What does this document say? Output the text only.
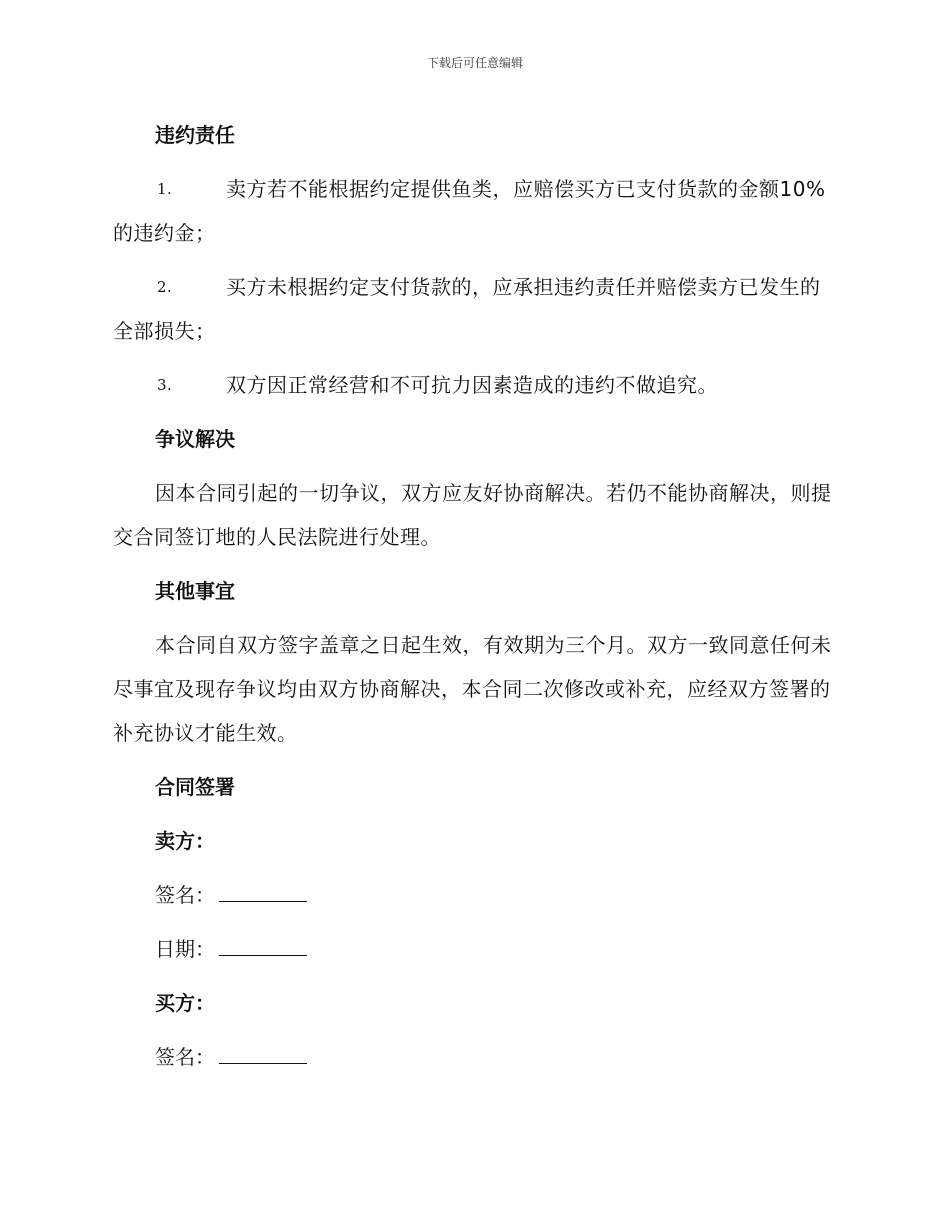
下载后可任意编辑
违约责任
1.	卖方若不能根据约定提供鱼类，应赔偿买方已支付货款的金额10%的违约金；
2.	买方未根据约定支付货款的，应承担违约责任并赔偿卖方已发生的全部损失；
3.	双方因正常经营和不可抗力因素造成的违约不做追究。
争议解决
因本合同引起的一切争议，双方应友好协商解决。若仍不能协商解决，则提交合同签订地的人民法院进行处理。
其他事宜
本合同自双方签字盖章之日起生效，有效期为三个月。双方一致同意任何未尽事宜及现存争议均由双方协商解决，本合同二次修改或补充，应经双方签署的补充协议才能生效。
合同签署
卖方：
签名：
日期：
买方：
签名：
